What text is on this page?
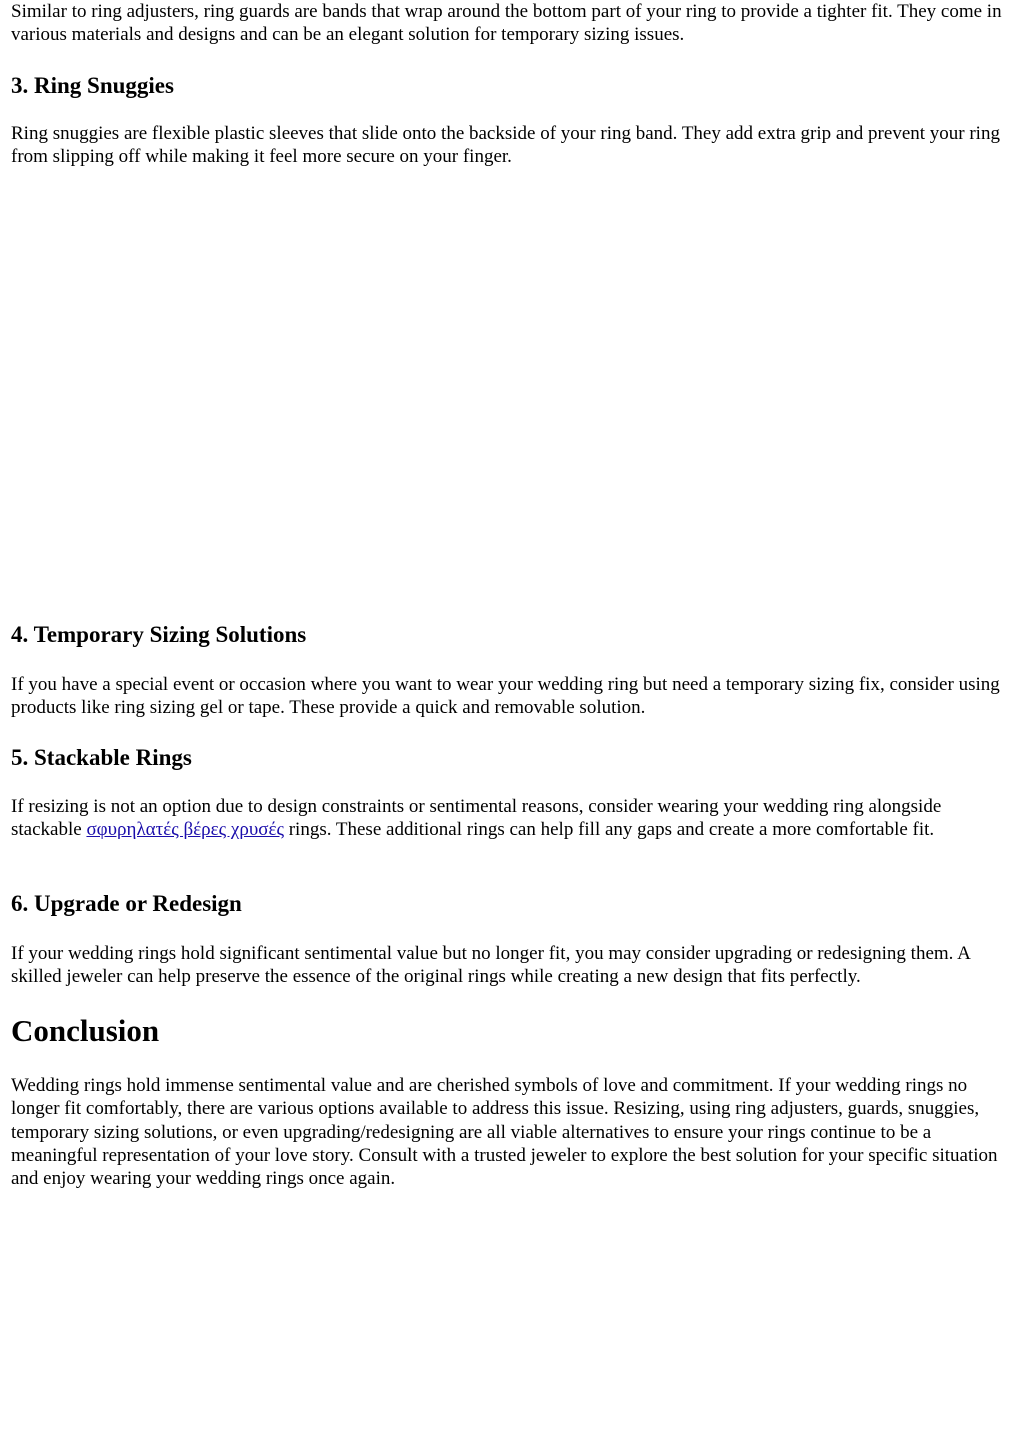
Similar to ring adjusters, ring guards are bands that wrap around the bottom part of your ring to provide a tighter fit. They come in various materials and designs and can be an elegant solution for temporary sizing issues.

3. Ring Snuggies

Ring snuggies are flexible plastic sleeves that slide onto the backside of your ring band. They add extra grip and prevent your ring from slipping off while making it feel more secure on your finger.

4. Temporary Sizing Solutions

If you have a special event or occasion where you want to wear your wedding ring but need a temporary sizing fix, consider using products like ring sizing gel or tape. These provide a quick and removable solution.

5. Stackable Rings

If resizing is not an option due to design constraints or sentimental reasons, consider wearing your wedding ring alongside stackable σφυρηλατές βέρες χρυσές rings. These additional rings can help fill any gaps and create a more comfortable fit.

6. Upgrade or Redesign

If your wedding rings hold significant sentimental value but no longer fit, you may consider upgrading or redesigning them. A skilled jeweler can help preserve the essence of the original rings while creating a new design that fits perfectly.

Conclusion

Wedding rings hold immense sentimental value and are cherished symbols of love and commitment. If your wedding rings no longer fit comfortably, there are various options available to address this issue. Resizing, using ring adjusters, guards, snuggies, temporary sizing solutions, or even upgrading/redesigning are all viable alternatives to ensure your rings continue to be a meaningful representation of your love story. Consult with a trusted jeweler to explore the best solution for your specific situation and enjoy wearing your wedding rings once again.
